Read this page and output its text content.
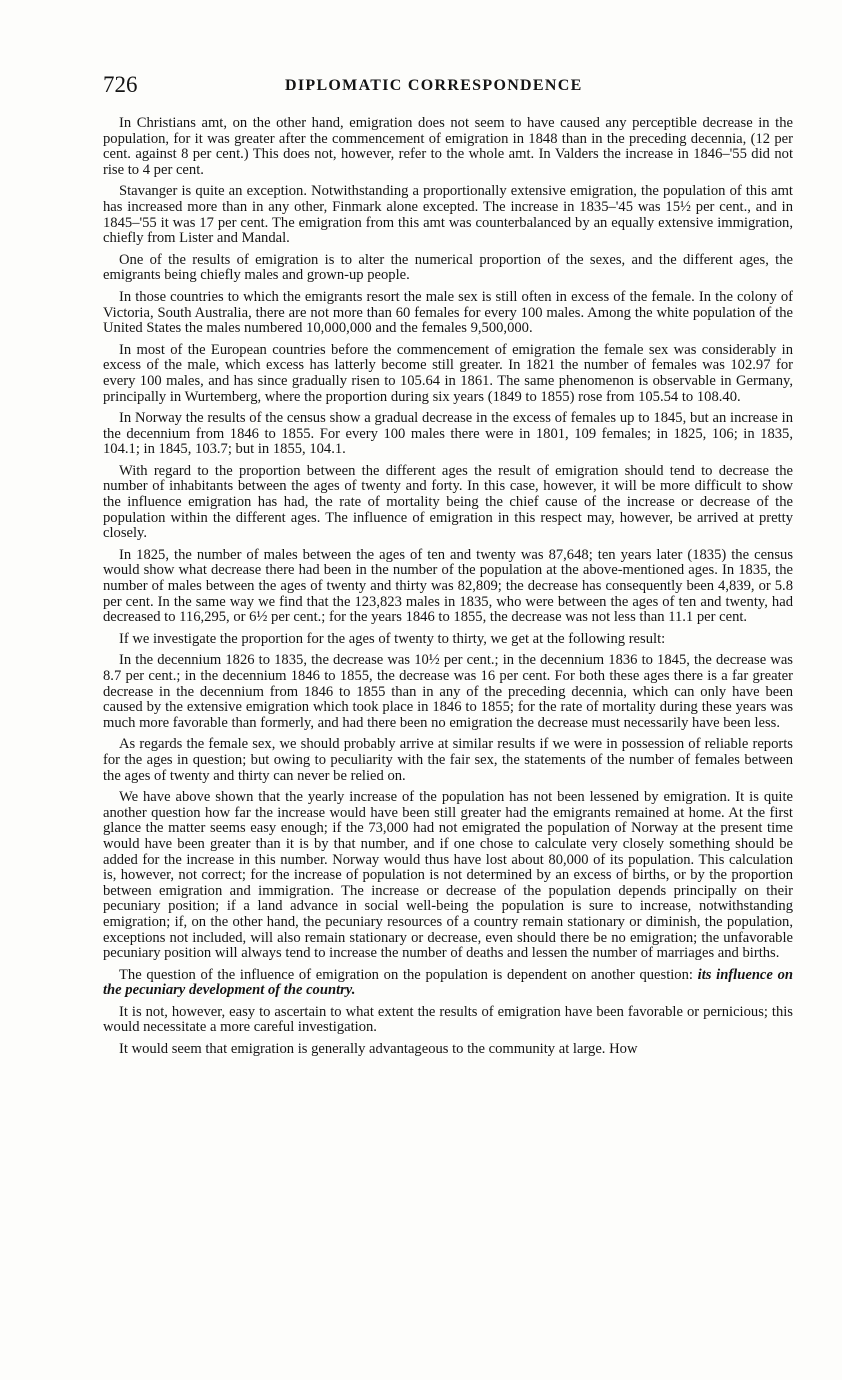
726	DIPLOMATIC CORRESPONDENCE

In Christians amt, on the other hand, emigration does not seem to have caused any perceptible decrease in the population, for it was greater after the commencement of emigration in 1848 than in the preceding decennia, (12 per cent. against 8 per cent.) This does not, however, refer to the whole amt. In Valders the increase in 1846–'55 did not rise to 4 per cent.

Stavanger is quite an exception. Notwithstanding a proportionally extensive emigration, the population of this amt has increased more than in any other, Finmark alone excepted. The increase in 1835–'45 was 15½ per cent., and in 1845–'55 it was 17 per cent. The emigration from this amt was counterbalanced by an equally extensive immigration, chiefly from Lister and Mandal.

One of the results of emigration is to alter the numerical proportion of the sexes, and the different ages, the emigrants being chiefly males and grown-up people.

In those countries to which the emigrants resort the male sex is still often in excess of the female. In the colony of Victoria, South Australia, there are not more than 60 females for every 100 males. Among the white population of the United States the males numbered 10,000,000 and the females 9,500,000.

In most of the European countries before the commencement of emigration the female sex was considerably in excess of the male, which excess has latterly become still greater. In 1821 the number of females was 102.97 for every 100 males, and has since gradually risen to 105.64 in 1861. The same phenomenon is observable in Germany, principally in Wurtemberg, where the proportion during six years (1849 to 1855) rose from 105.54 to 108.40.

In Norway the results of the census show a gradual decrease in the excess of females up to 1845, but an increase in the decennium from 1846 to 1855. For every 100 males there were in 1801, 109 females; in 1825, 106; in 1835, 104.1; in 1845, 103.7; but in 1855, 104.1.

With regard to the proportion between the different ages the result of emigration should tend to decrease the number of inhabitants between the ages of twenty and forty. In this case, however, it will be more difficult to show the influence emigration has had, the rate of mortality being the chief cause of the increase or decrease of the population within the different ages. The influence of emigration in this respect may, however, be arrived at pretty closely.

In 1825, the number of males between the ages of ten and twenty was 87,648; ten years later (1835) the census would show what decrease there had been in the number of the population at the above-mentioned ages. In 1835, the number of males between the ages of twenty and thirty was 82,809; the decrease has consequently been 4,839, or 5.8 per cent. In the same way we find that the 123,823 males in 1835, who were between the ages of ten and twenty, had decreased to 116,295, or 6½ per cent.; for the years 1846 to 1855, the decrease was not less than 11.1 per cent.

If we investigate the proportion for the ages of twenty to thirty, we get at the following result:

In the decennium 1826 to 1835, the decrease was 10½ per cent.; in the decennium 1836 to 1845, the decrease was 8.7 per cent.; in the decennium 1846 to 1855, the decrease was 16 per cent. For both these ages there is a far greater decrease in the decennium from 1846 to 1855 than in any of the preceding decennia, which can only have been caused by the extensive emigration which took place in 1846 to 1855; for the rate of mortality during these years was much more favorable than formerly, and had there been no emigration the decrease must necessarily have been less.

As regards the female sex, we should probably arrive at similar results if we were in possession of reliable reports for the ages in question; but owing to peculiarity with the fair sex, the statements of the number of females between the ages of twenty and thirty can never be relied on.

We have above shown that the yearly increase of the population has not been lessened by emigration. It is quite another question how far the increase would have been still greater had the emigrants remained at home. At the first glance the matter seems easy enough; if the 73,000 had not emigrated the population of Norway at the present time would have been greater than it is by that number, and if one chose to calculate very closely something should be added for the increase in this number. Norway would thus have lost about 80,000 of its population. This calculation is, however, not correct; for the increase of population is not determined by an excess of births, or by the proportion between emigration and immigration. The increase or decrease of the population depends principally on their pecuniary position; if a land advance in social well-being the population is sure to increase, notwithstanding emigration; if, on the other hand, the pecuniary resources of a country remain stationary or diminish, the population, exceptions not included, will also remain stationary or decrease, even should there be no emigration; the unfavorable pecuniary position will always tend to increase the number of deaths and lessen the number of marriages and births.

The question of the influence of emigration on the population is dependent on another question: its influence on the pecuniary development of the country.

It is not, however, easy to ascertain to what extent the results of emigration have been favorable or pernicious; this would necessitate a more careful investigation.

It would seem that emigration is generally advantageous to the community at large. How
